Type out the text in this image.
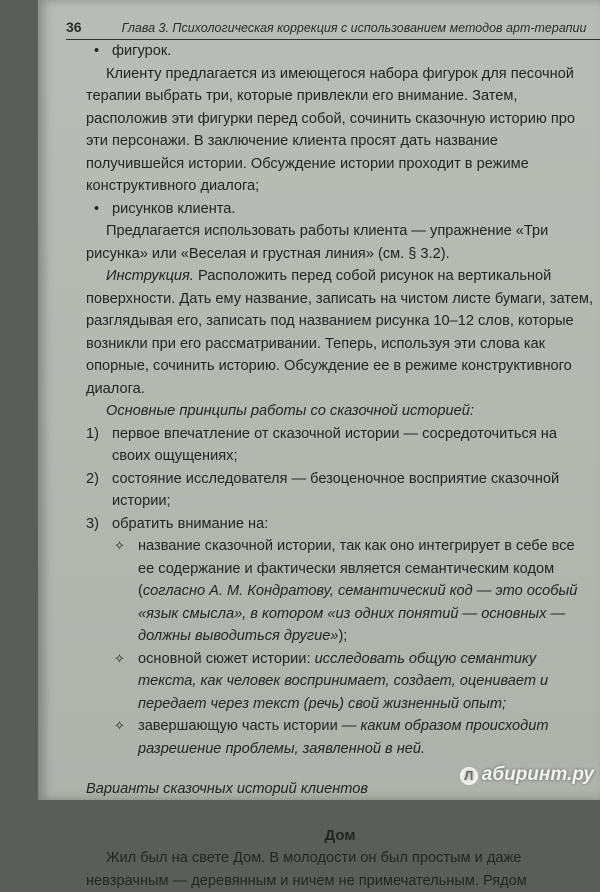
36	Глава 3. Психологическая коррекция с использованием методов арт-терапии

• фигурок.

Клиенту предлагается из имеющегося набора фигурок для песочной терапии выбрать три, которые привлекли его внимание. Затем, расположив эти фигурки перед собой, сочинить сказочную историю про эти персонажи. В заключение клиента просят дать название получившейся истории. Обсуждение истории проходит в режиме конструктивного диалога;

• рисунков клиента.

Предлагается использовать работы клиента — упражнение «Три рисунка» или «Веселая и грустная линия» (см. § 3.2).

Инструкция. Расположить перед собой рисунок на вертикальной поверхности. Дать ему название, записать на чистом листе бумаги, затем, разглядывая его, записать под названием рисунка 10–12 слов, которые возникли при его рассматривании. Теперь, используя эти слова как опорные, сочинить историю. Обсуждение ее в режиме конструктивного диалога.

Основные принципы работы со сказочной историей:

1) первое впечатление от сказочной истории — сосредоточиться на своих ощущениях;

2) состояние исследователя — безоценочное восприятие сказочной истории;

3) обратить внимание на:

✧ название сказочной истории, так как оно интегрирует в себе все ее содержание и фактически является семантическим кодом (согласно А. М. Кондратову, семантический код — это особый «язык смысла», в котором «из одних понятий — основных — должны выводиться другие»);

✧ основной сюжет истории: исследовать общую семантику текста, как человек воспринимает, создает, оценивает и передает через текст (речь) свой жизненный опыт;

✧ завершающую часть истории — каким образом происходит разрешение проблемы, заявленной в ней.

Варианты сказочных историй клиентов

Дом

Жил был на свете Дом. В молодости он был простым и даже невзрачным — деревянным и ничем не примечательным. Рядом

Л абиринт.ру
